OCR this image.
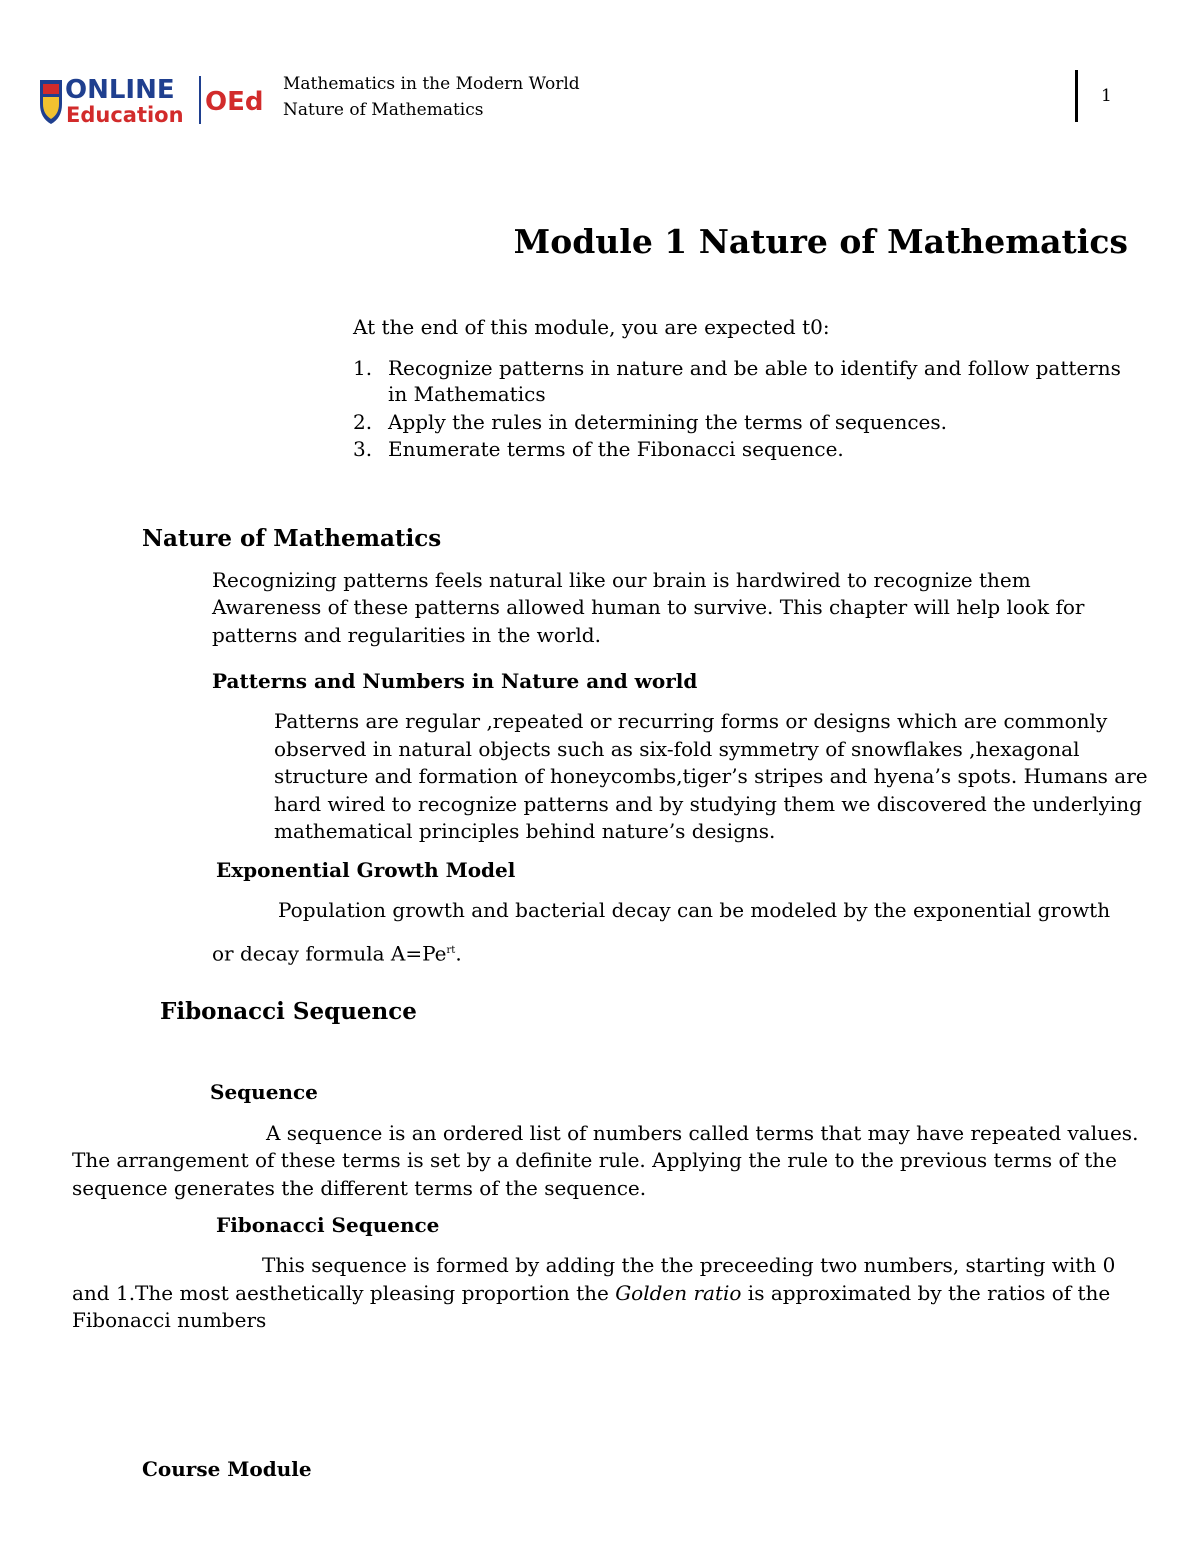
ONLINE
Education OEd
Mathematics in the Modern World
Nature of Mathematics
1
Module 1 Nature of Mathematics
At the end of this module, you are expected t0:
1. Recognize patterns in nature and be able to identify and follow patterns
in Mathematics
2. Apply the rules in determining the terms of sequences.
3. Enumerate terms of the Fibonacci sequence.
Nature of Mathematics
Recognizing patterns feels natural like our brain is hardwired to recognize them
Awareness of these patterns allowed human to survive. This chapter will help look for
patterns and regularities in the world.
Patterns and Numbers in Nature and world
Patterns are regular ,repeated or recurring forms or designs which are commonly
observed in natural objects such as six-fold symmetry of snowflakes ,hexagonal
structure and formation of honeycombs,tiger’s stripes and hyena’s spots. Humans are
hard wired to recognize patterns and by studying them we discovered the underlying
mathematical principles behind nature’s designs.
Exponential Growth Model
Population growth and bacterial decay can be modeled by the exponential growth
or decay formula $A=Pe^{rt}$.
Fibonacci Sequence
Sequence
A sequence is an ordered list of numbers called terms that may have repeated values.
The arrangement of these terms is set by a definite rule. Applying the rule to the previous terms of the
sequence generates the different terms of the sequence.
Fibonacci Sequence
This sequence is formed by adding the the preceeding two numbers, starting with 0
and 1.The most aesthetically pleasing proportion the Golden ratio is approximated by the ratios of the
Fibonacci numbers
Course Module
